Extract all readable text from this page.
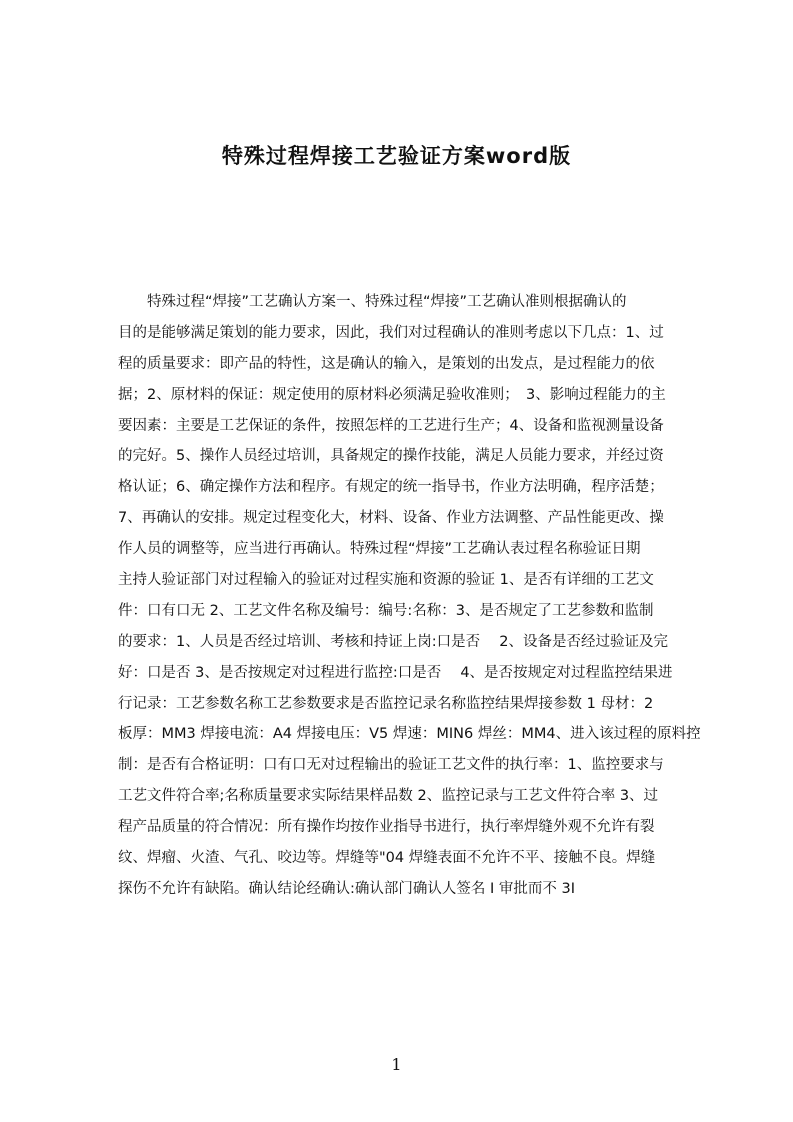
特殊过程焊接工艺验证方案word版
特殊过程“焊接”工艺确认方案一、特殊过程“焊接”工艺确认准则根据确认的
目的是能够满足策划的能力要求，因此，我们对过程确认的准则考虑以下几点：1、过
程的质量要求：即产品的特性，这是确认的输入，是策划的出发点，是过程能力的依
据；2、原材料的保证：规定使用的原材料必须满足验收准则；　3、影响过程能力的主
要因素：主要是工艺保证的条件，按照怎样的工艺进行生产；4、设备和监视测量设备
的完好。5、操作人员经过培训，具备规定的操作技能，满足人员能力要求，并经过资
格认证；6、确定操作方法和程序。有规定的统一指导书，作业方法明确，程序活楚；
7、再确认的安排。规定过程变化大，材料、设备、作业方法调整、产品性能更改、操
作人员的调整等，应当进行再确认。特殊过程“焊接”工艺确认表过程名称验证日期
主持人验证部门对过程输入的验证对过程实施和资源的验证 1、是否有详细的工艺文
件：口有口无 2、工艺文件名称及编号：编号:名称：3、是否规定了工艺参数和监制
的要求：1、人员是否经过培训、考核和持证上岗:口是否　 2、设备是否经过验证及完
好：口是否 3、是否按规定对过程进行监控:口是否　 4、是否按规定对过程监控结果进
行记录：工艺参数名称工艺参数要求是否监控记录名称监控结果焊接参数 1 母材：2
板厚：MM3 焊接电流：A4 焊接电压：V5 焊速：MIN6 焊丝：MM4、进入该过程的原料控
制：是否有合格证明：口有口无对过程输出的验证工艺文件的执行率：1、监控要求与
工艺文件符合率;名称质量要求实际结果样品数 2、监控记录与工艺文件符合率 3、过
程产品质量的符合情况：所有操作均按作业指导书进行，执行率焊缝外观不允许有裂
纹、焊瘤、火渣、气孔、咬边等。焊缝等"04 焊缝表面不允许不平、接触不良。焊缝
探伤不允许有缺陷。确认结论经确认:确认部门确认人签名 I 审批而不 3I
1
